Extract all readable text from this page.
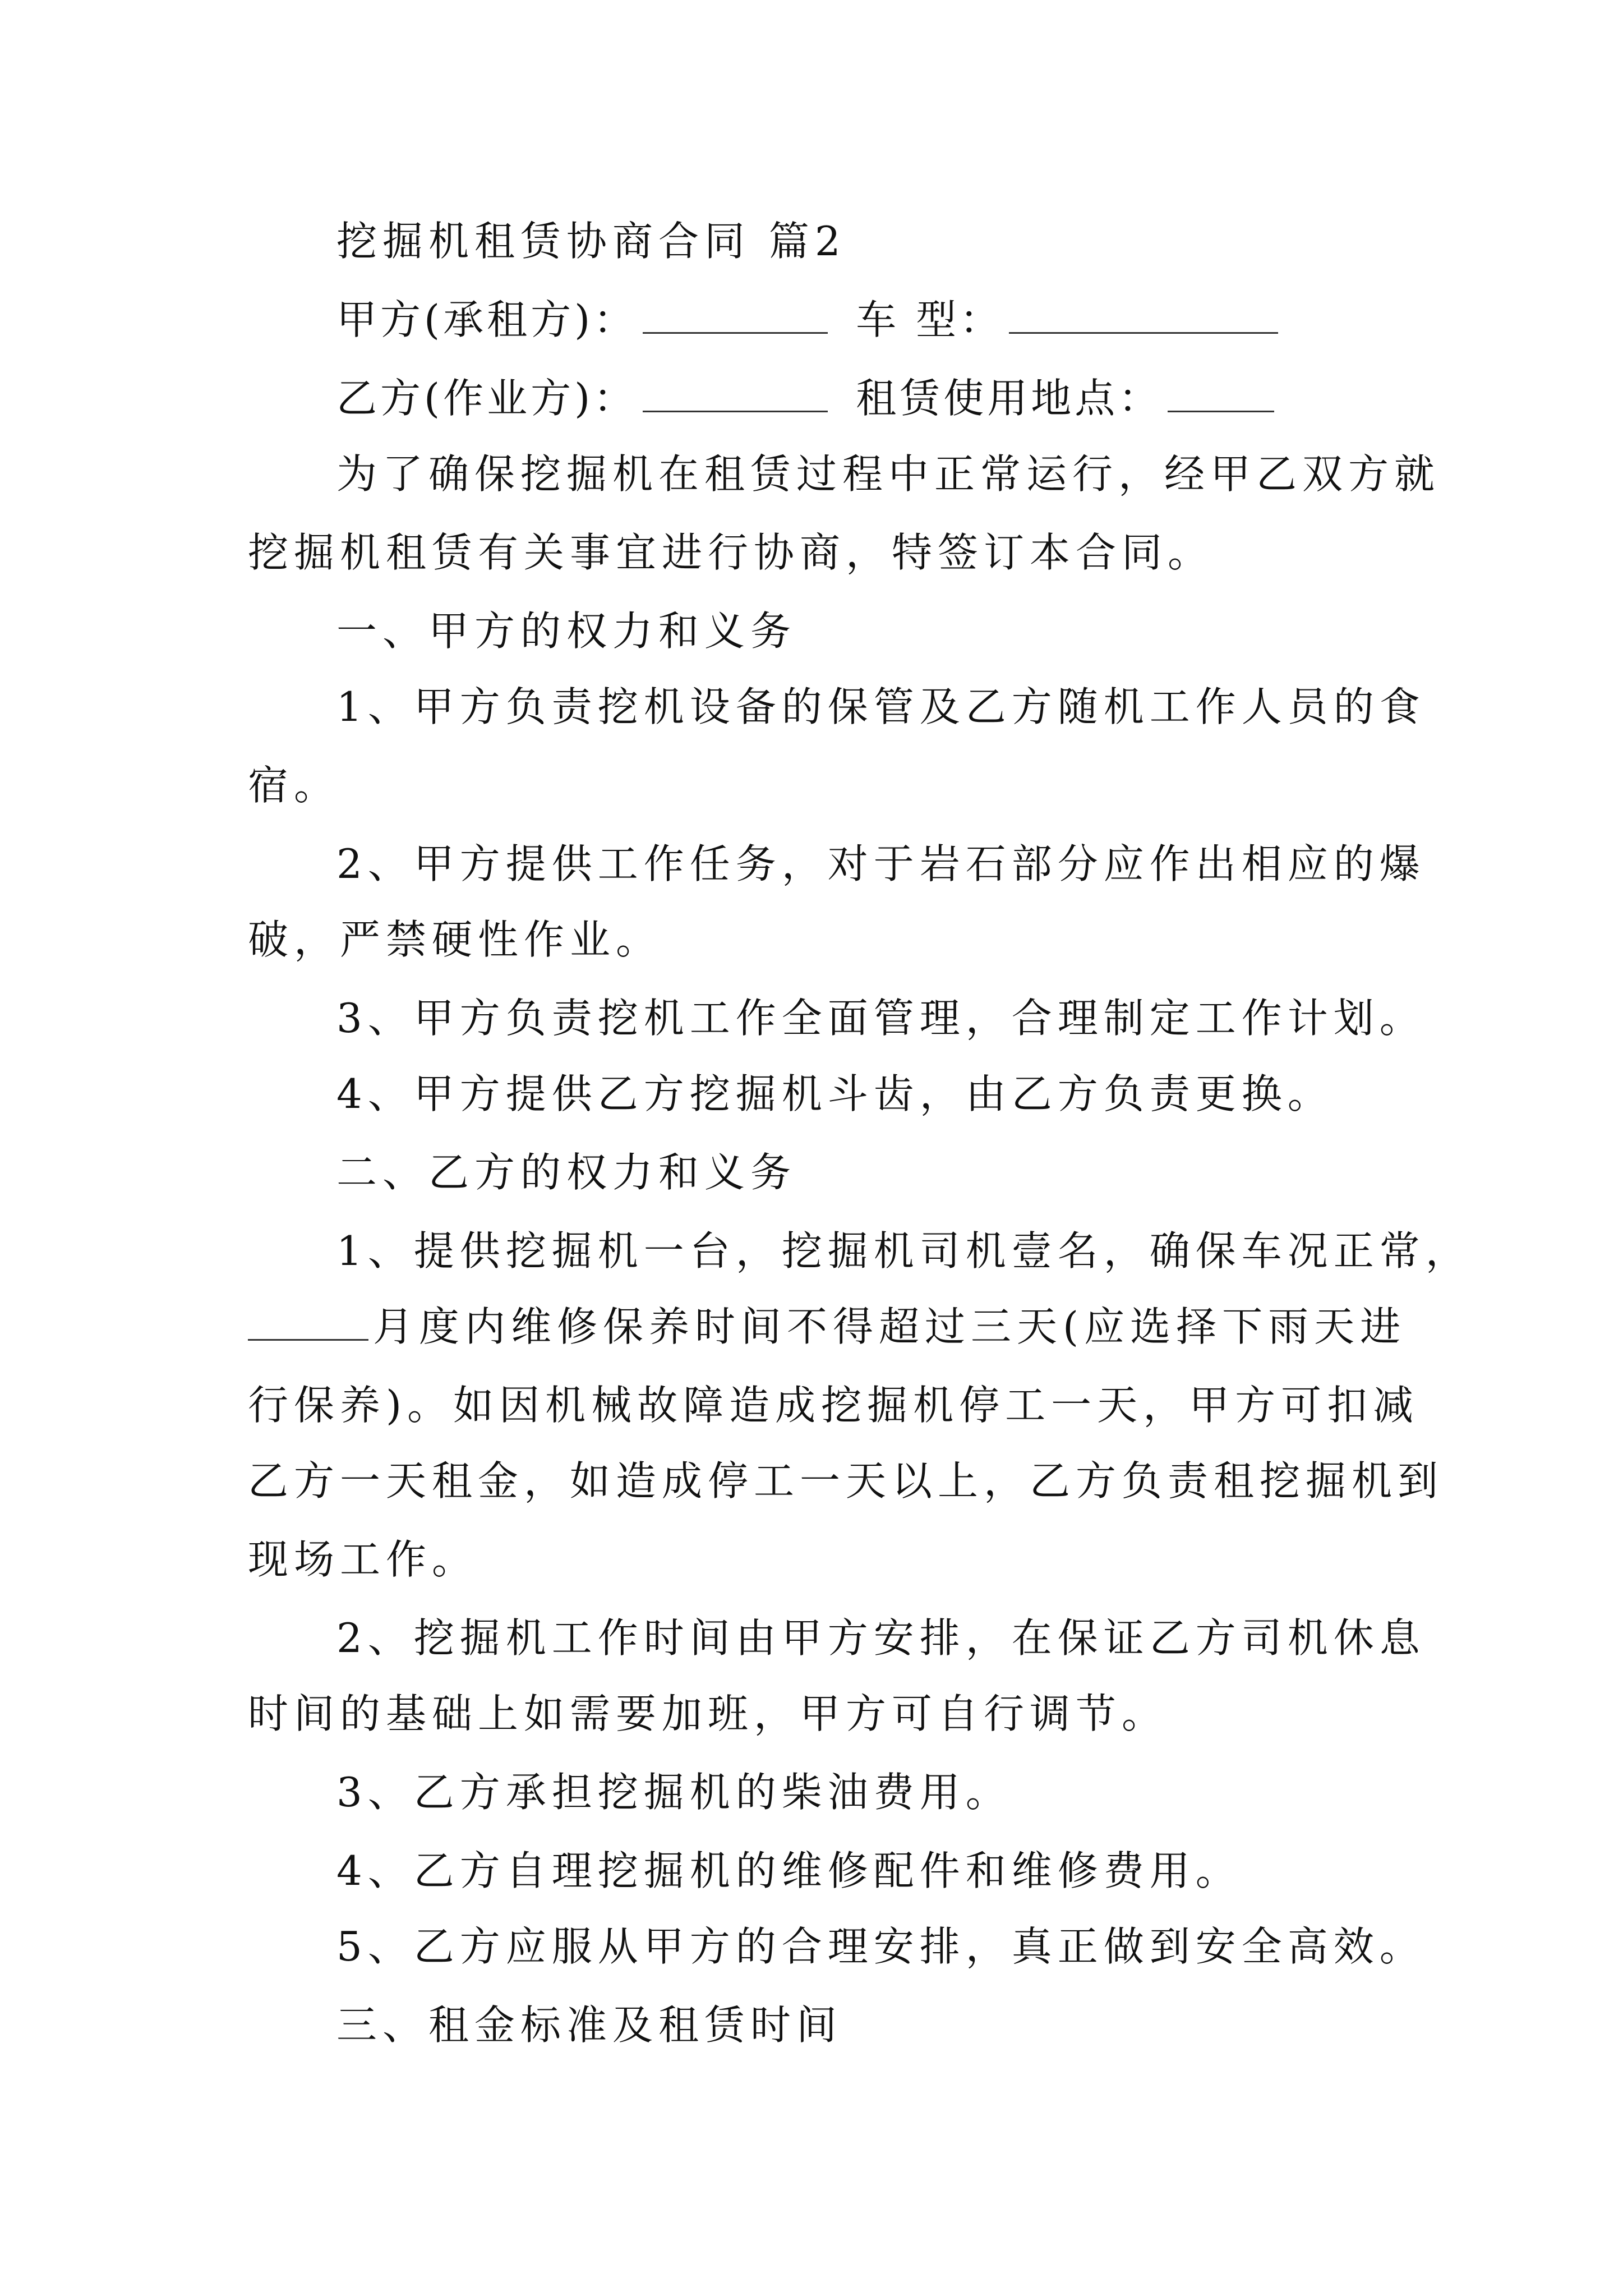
挖掘机租赁协商合同 篇2
甲方(承租方)：	车 型：
乙方(作业方)：	租赁使用地点：
为了确保挖掘机在租赁过程中正常运行，经甲乙双方就
挖掘机租赁有关事宜进行协商，特签订本合同。
一、甲方的权力和义务
1、甲方负责挖机设备的保管及乙方随机工作人员的食
宿。
2、甲方提供工作任务，对于岩石部分应作出相应的爆
破，严禁硬性作业。
3、甲方负责挖机工作全面管理，合理制定工作计划。
4、甲方提供乙方挖掘机斗齿，由乙方负责更换。
二、乙方的权力和义务
1、提供挖掘机一台，挖掘机司机壹名，确保车况正常，
月度内维修保养时间不得超过三天(应选择下雨天进
行保养)。如因机械故障造成挖掘机停工一天，甲方可扣减
乙方一天租金，如造成停工一天以上，乙方负责租挖掘机到
现场工作。
2、挖掘机工作时间由甲方安排，在保证乙方司机休息
时间的基础上如需要加班，甲方可自行调节。
3、乙方承担挖掘机的柴油费用。
4、乙方自理挖掘机的维修配件和维修费用。
5、乙方应服从甲方的合理安排，真正做到安全高效。
三、租金标准及租赁时间
